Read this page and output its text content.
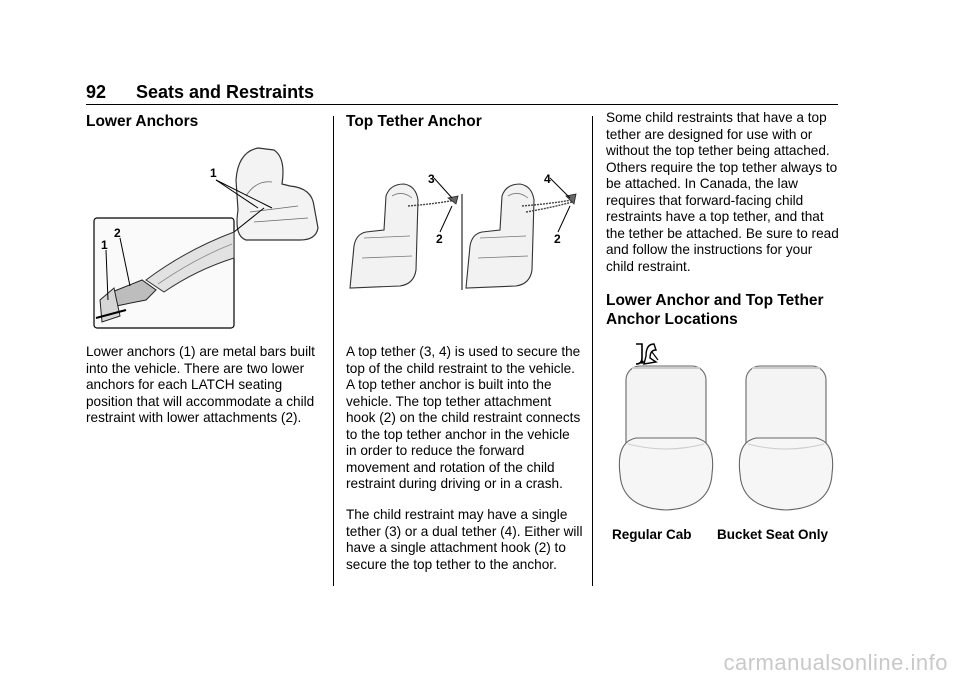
92 Seats and Restraints
Lower Anchors
1
2
1

Lower anchors (1) are metal bars built into the vehicle. There are two lower anchors for each LATCH seating position that will accommodate a child restraint with lower attachments (2).

Top Tether Anchor
3
2
4
2

A top tether (3, 4) is used to secure the top of the child restraint to the vehicle. A top tether anchor is built into the vehicle. The top tether attachment hook (2) on the child restraint connects to the top tether anchor in the vehicle in order to reduce the forward movement and rotation of the child restraint during driving or in a crash.

The child restraint may have a single tether (3) or a dual tether (4). Either will have a single attachment hook (2) to secure the top tether to the anchor.

Some child restraints that have a top tether are designed for use with or without the top tether being attached. Others require the top tether always to be attached. In Canada, the law requires that forward-facing child restraints have a top tether, and that the tether be attached. Be sure to read and follow the instructions for your child restraint.

Lower Anchor and Top Tether Anchor Locations
Regular Cab Bucket Seat Only
carmanualsonline.info
